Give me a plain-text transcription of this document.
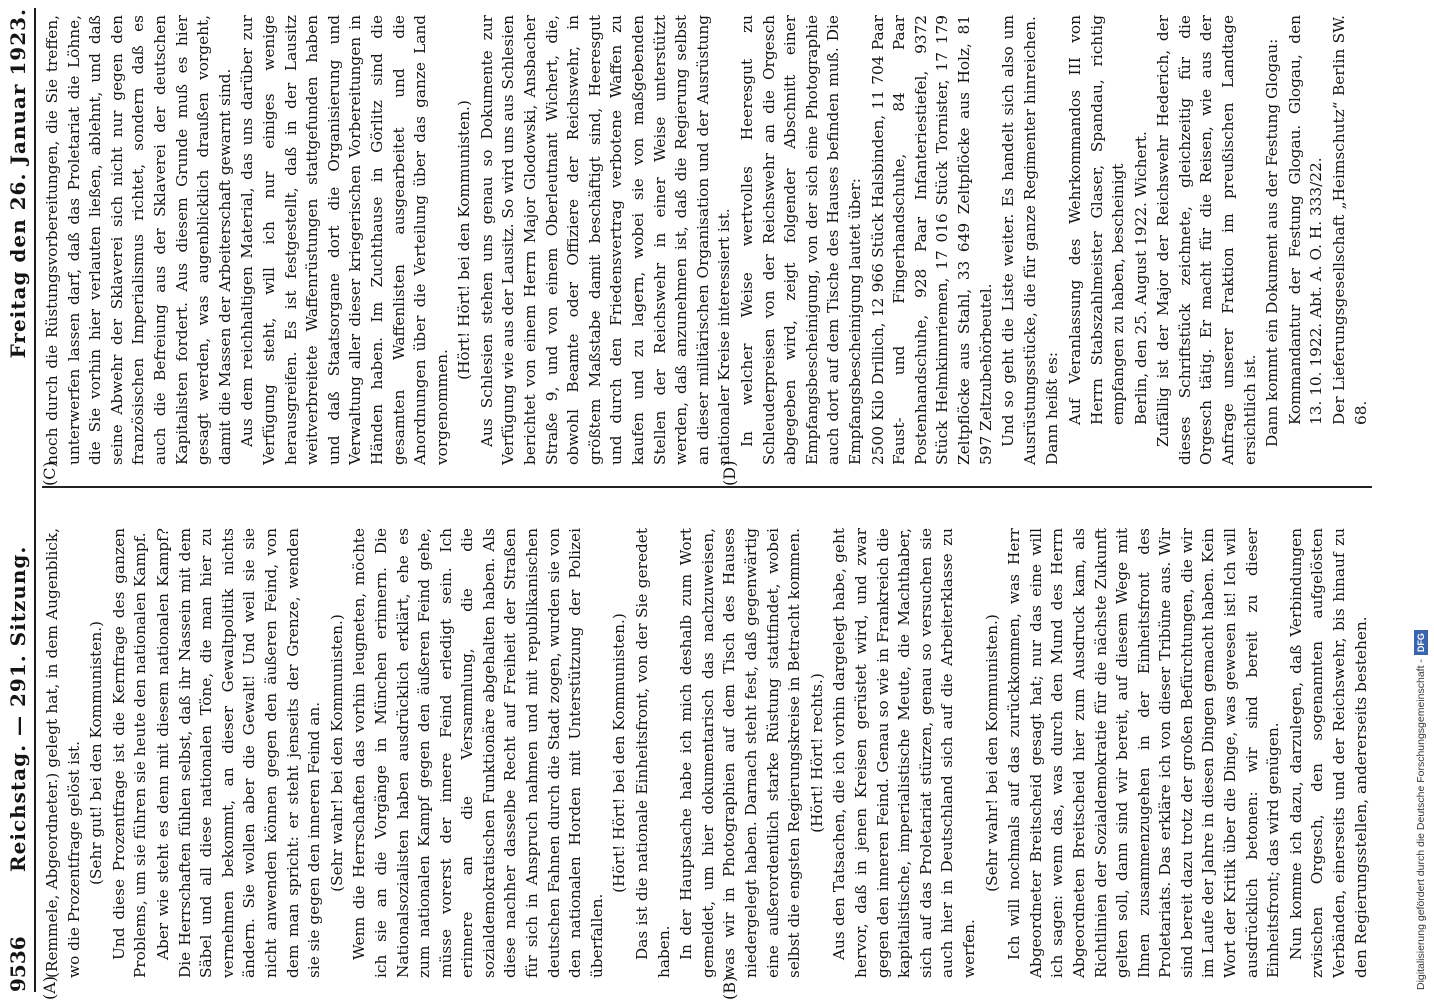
9536
Reichstag. — 291. Sitzung.
Freitag den 26. Januar 1923.
(A)	(B)
(C)	(D)

(Remmele, Abgeordneter.) gelegt hat, in dem Augenblick, wo die Prozentfrage gelöst ist. (Sehr gut! bei den Kommunisten.) Und diese Prozentfrage ist die Kernfrage des ganzen Problems, um sie führen sie heute den nationalen Kampf. Aber wie steht es denn mit diesem nationalen Kampf? Die Herrschaften fühlen selbst, daß ihr Nassein mit dem Säbel und all diese nationalen Töne, die man hier zu vernehmen bekommt, an dieser Gewaltpolitik nichts ändern. Sie wollen aber die Gewalt! Und weil sie sie nicht anwenden können gegen den äußeren Feind, von dem man spricht: er steht jenseits der Grenze, wenden sie sie gegen den inneren Feind an. (Sehr wahr! bei den Kommunisten.) Wenn die Herrschaften das vorhin leugneten, möchte ich sie an die Vorgänge in München erinnern. Die Nationalsozialisten haben ausdrücklich erklärt, ehe es zum nationalen Kampf gegen den äußeren Feind gehe, müsse vorerst der innere Feind erledigt sein. Ich erinnere an die Versammlung, die die sozialdemokratischen Funktionäre abgehalten haben. Als diese nachher dasselbe Recht auf Freiheit der Straßen für sich in Anspruch nahmen und mit republikanischen deutschen Fahnen durch die Stadt zogen, wurden sie von den nationalen Horden mit Unterstützung der Polizei überfallen.

(Hört! Hört! bei den Kommunisten.) Das ist die nationale Einheitsfront, von der Sie geredet haben. In der Hauptsache habe ich mich deshalb zum Wort gemeldet, um hier dokumentarisch das nachzuweisen, was wir in Photographien auf dem Tisch des Hauses niedergelegt haben. Darnach steht fest, daß gegenwärtig eine außerordentlich starke Rüstung stattfindet, wobei selbst die engsten Regierungskreise in Betracht kommen. (Hört! Hört! rechts.) Aus den Tatsachen, die ich vorhin dargelegt habe, geht hervor, daß in jenen Kreisen gerüstet wird, und zwar gegen den inneren Feind. Genau so wie in Frankreich die kapitalistische, imperialistische Meute, die Machthaber, sich auf das Proletariat stürzen, genau so versuchen sie auch hier in Deutschland sich auf die Arbeiterklasse zu werfen.

(Sehr wahr! bei den Kommunisten.) Ich will nochmals auf das zurückkommen, was Herr Abgeordneter Breitscheid gesagt hat; nur das eine will ich sagen: wenn das, was durch den Mund des Herrn Abgeordneten Breitscheid hier zum Ausdruck kam, als Richtlinien der Sozialdemokratie für die nächste Zukunft gelten soll, dann sind wir bereit, auf diesem Wege mit Ihnen zusammenzugehen in der Einheitsfront des Proletariats. Das erkläre ich von dieser Tribüne aus. Wir sind bereit dazu trotz der großen Befürchtungen, die wir im Laufe der Jahre in diesen Dingen gemacht haben. Kein Wort der Kritik über die Dinge, was gewesen ist! Ich will ausdrücklich betonen: wir sind bereit zu dieser Einheitsfront; das wird genügen. Nun komme ich dazu, darzulegen, daß Verbindungen zwischen Orgesch, den sogenannten aufgelösten Verbänden, einerseits und der Reichswehr, bis hinauf zu den Regierungsstellen, andererseits bestehen.

noch durch die Rüstungsvorbereitungen, die Sie treffen, unterwerfen lassen darf, daß das Proletariat die Löhne, die Sie vorhin hier verlauten ließen, ablehnt, und daß seine Abwehr der Sklaverei sich nicht nur gegen den französischen Imperialismus richtet, sondern daß es auch die Befreiung aus der Sklaverei der deutschen Kapitalisten fordert. Aus diesem Grunde muß es hier gesagt werden, was augenblicklich draußen vorgeht, damit die Massen der Arbeiterschaft gewarnt sind. Aus dem reichhaltigen Material, das uns darüber zur Verfügung steht, will ich nur einiges wenige herausgreifen. Es ist festgestellt, daß in der Lausitz weitverbreitete Waffenrüstungen stattgefunden haben und daß Staatsorgane dort die Organisierung und Verwaltung aller dieser kriegerischen Vorbereitungen in Händen haben. Im Zuchthause in Görlitz sind die gesamten Waffenlisten ausgearbeitet und die Anordnungen über die Verteilung über das ganze Land vorgenommen.

(Hört! Hört! bei den Kommunisten.) Aus Schlesien stehen uns genau so Dokumente zur Verfügung wie aus der Lausitz. So wird uns aus Schlesien berichtet von einem Herrn Major Glodowski, Ansbacher Straße 9, und von einem Oberleutnant Wichert, die, obwohl Beamte oder Offiziere der Reichswehr, in größtem Maßstabe damit beschäftigt sind, Heeresgut und durch den Friedensvertrag verbotene Waffen zu kaufen und zu lagern, wobei sie von maßgebenden Stellen der Reichswehr in einer Weise unterstützt werden, daß anzunehmen ist, daß die Regierung selbst an dieser militärischen Organisation und der Ausrüstung nationaler Kreise interessiert ist. In welcher Weise wertvolles Heeresgut zu Schleuderpreisen von der Reichswehr an die Orgesch abgegeben wird, zeigt folgender Abschnitt einer Empfangsbescheinigung, von der sich eine Photographie auch dort auf dem Tische des Hauses befinden muß. Die Empfangsbescheinigung lautet über: 2500 Kilo Drillich, 12 966 Stück Halsbinden, 11 704 Paar Faust- und Fingerhandschuhe, 84 Paar Postenhandschuhe, 928 Paar Infanteriestiefel, 9372 Stück Helmkinnriemen, 17 016 Stück Tornister, 17 179 Zeltpflöcke aus Stahl, 33 649 Zeltpflöcke aus Holz, 81 597 Zeltzubehörbeutel. Und so geht die Liste weiter. Es handelt sich also um Ausrüstungsstücke, die für ganze Regimenter hinreichen. Dann heißt es: Auf Veranlassung des Wehrkommandos III von Herrn Stabszahlmeister Glaser, Spandau, richtig empfangen zu haben, bescheinigt Berlin, den 25. August 1922. Wichert. Zufällig ist der Major der Reichswehr Hederich, der dieses Schriftstück zeichnete, gleichzeitig für die Orgesch tätig. Er macht für die Reisen, wie aus der Anfrage unserer Fraktion im preußischen Landtage ersichtlich ist. Dann kommt ein Dokument aus der Festung Glogau: Kommandantur der Festung Glogau. Glogau, den 13. 10. 1922. Abt. A. O. H. 333/22. Der Lieferungsgesellschaft „Heimschutz“ Berlin SW. 68.

Digitalisierung gefördert durch die Deutsche Forschungsgemeinschaft -DFG
